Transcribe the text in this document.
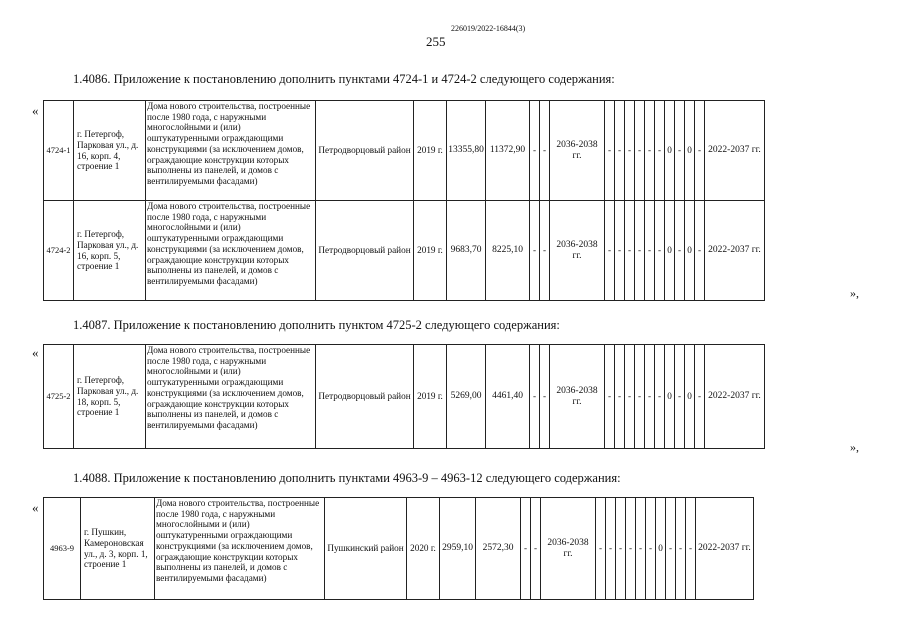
255
226019/2022-16844(3)
1.4086. Приложение к постановлению дополнить пунктами 4724-1 и 4724-2 следующего содержания:
«
4724-1	г. Петергоф, Парковая ул., д. 16, корп. 4, строение 1	Дома нового строительства, построенные после 1980 года, с наружными многослойными и (или) оштукатуренными ограждающими конструкциями (за исключением домов, ограждающие конструкции которых выполнены из панелей, и домов с вентилируемыми фасадами)	Петродворцовый район	2019 г.	13355,80	11372,90	-	-	2036-2038 гг.	-	-	-	-	-	-	0	-	0	-	2022-2037 гг.
4724-2	г. Петергоф, Парковая ул., д. 16, корп. 5, строение 1	Дома нового строительства, построенные после 1980 года, с наружными многослойными и (или) оштукатуренными ограждающими конструкциями (за исключением домов, ограждающие конструкции которых выполнены из панелей, и домов с вентилируемыми фасадами)	Петродворцовый район	2019 г.	9683,70	8225,10	-	-	2036-2038 гг.	-	-	-	-	-	-	0	-	0	-	2022-2037 гг.
»,
1.4087. Приложение к постановлению дополнить пунктом 4725-2 следующего содержания:
«
4725-2	г. Петергоф, Парковая ул., д. 18, корп. 5, строение 1	Дома нового строительства, построенные после 1980 года, с наружными многослойными и (или) оштукатуренными ограждающими конструкциями (за исключением домов, ограждающие конструкции которых выполнены из панелей, и домов с вентилируемыми фасадами)	Петродворцовый район	2019 г.	5269,00	4461,40	-	-	2036-2038 гг.	-	-	-	-	-	-	0	-	0	-	2022-2037 гг.
»,
1.4088. Приложение к постановлению дополнить пунктами 4963-9 – 4963-12 следующего содержания:
«
4963-9	г. Пушкин, Камероновская ул., д. 3, корп. 1, строение 1	Дома нового строительства, построенные после 1980 года, с наружными многослойными и (или) оштукатуренными ограждающими конструкциями (за исключением домов, ограждающие конструкции которых выполнены из панелей, и домов с вентилируемыми фасадами)	Пушкинский район	2020 г.	2959,10	2572,30	-	-	2036-2038 гг.	-	-	-	-	-	-	0	-	-	-	2022-2037 гг.
